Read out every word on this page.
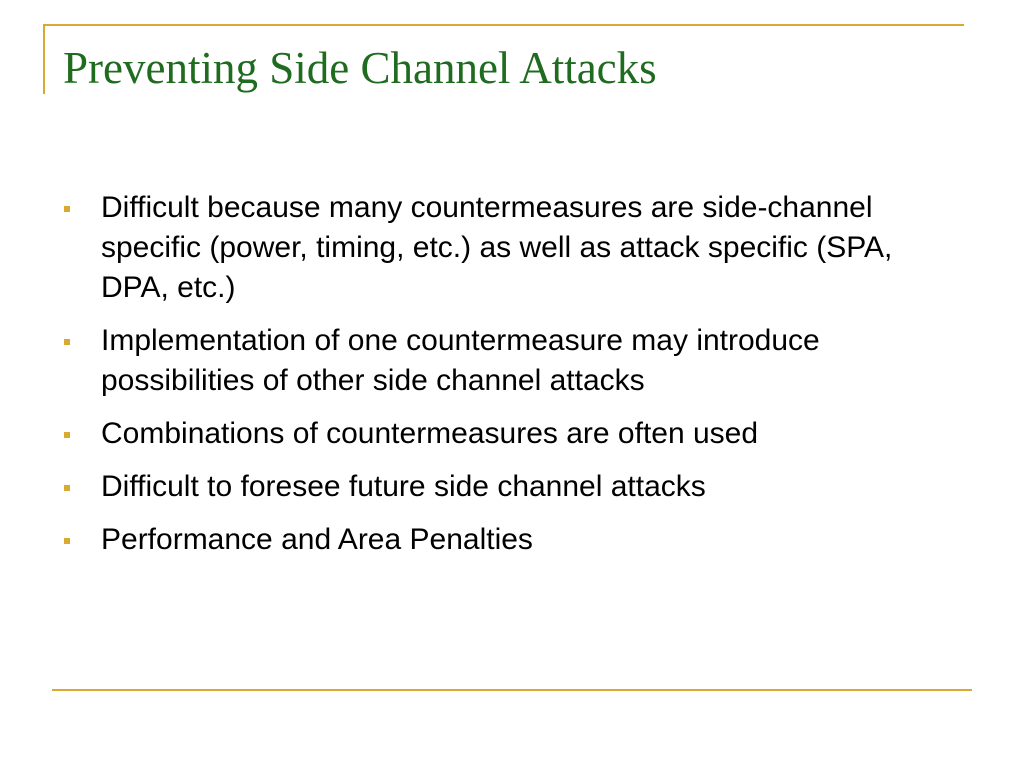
Preventing Side Channel Attacks
Difficult because many countermeasures are side-channel specific (power, timing, etc.) as well as attack specific (SPA, DPA, etc.)
Implementation of one countermeasure may introduce possibilities of other side channel attacks
Combinations of countermeasures are often used
Difficult to foresee future side channel attacks
Performance and Area Penalties
